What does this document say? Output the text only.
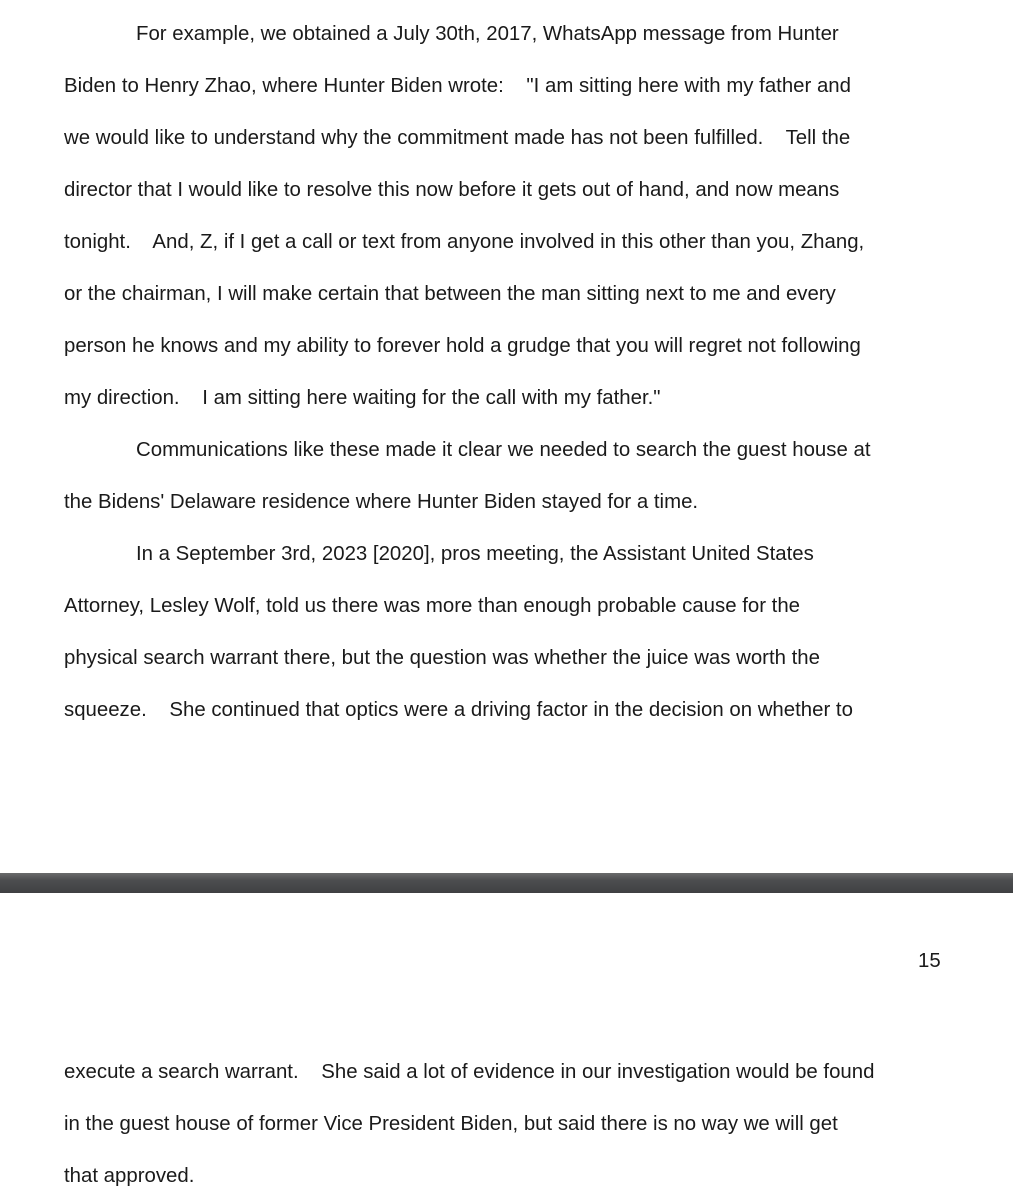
For example, we obtained a July 30th, 2017, WhatsApp message from Hunter

Biden to Henry Zhao, where Hunter Biden wrote:    "I am sitting here with my father and

we would like to understand why the commitment made has not been fulfilled.    Tell the

director that I would like to resolve this now before it gets out of hand, and now means

tonight.    And, Z, if I get a call or text from anyone involved in this other than you, Zhang,

or the chairman, I will make certain that between the man sitting next to me and every

person he knows and my ability to forever hold a grudge that you will regret not following

my direction.    I am sitting here waiting for the call with my father."

Communications like these made it clear we needed to search the guest house at

the Bidens' Delaware residence where Hunter Biden stayed for a time.

In a September 3rd, 2023 [2020], pros meeting, the Assistant United States

Attorney, Lesley Wolf, told us there was more than enough probable cause for the

physical search warrant there, but the question was whether the juice was worth the

squeeze.    She continued that optics were a driving factor in the decision on whether to

15

execute a search warrant.    She said a lot of evidence in our investigation would be found

in the guest house of former Vice President Biden, but said there is no way we will get

that approved.
